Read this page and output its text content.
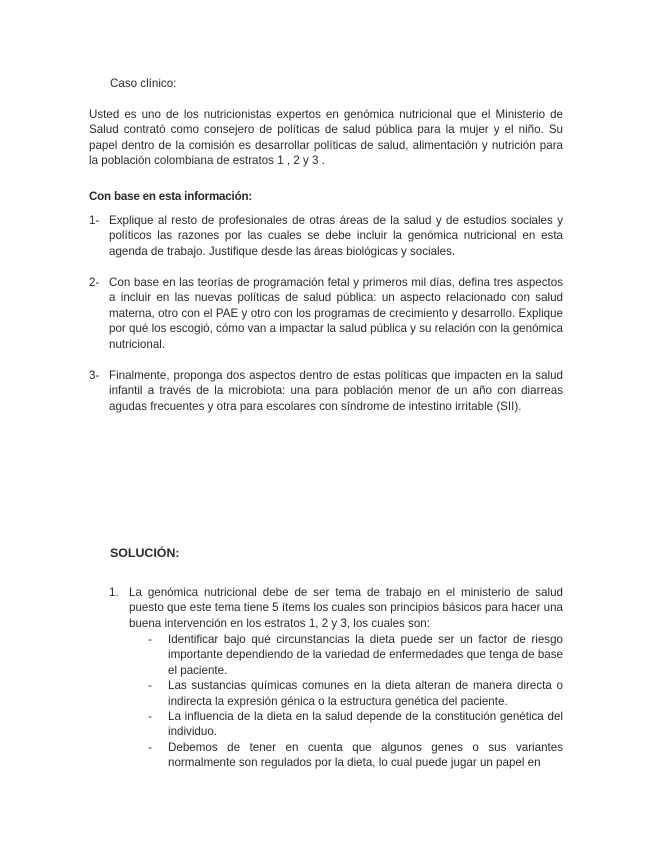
Caso clínico:
Usted es uno de los nutricionistas expertos en genómica nutricional que el Ministerio de Salud contrató como consejero de políticas de salud pública para la mujer y el niño. Su papel dentro de la comisión es desarrollar políticas de salud, alimentación y nutrición para la población colombiana de estratos 1 , 2 y 3 .
Con base en esta información:
1- Explique al resto de profesionales de otras áreas de la salud y de estudios sociales y políticos las razones por las cuales se debe incluir la genómica nutricional en esta agenda de trabajo. Justifique desde las áreas biológicas y sociales.
2- Con base en las teorías de programación fetal y primeros mil días, defina tres aspectos a incluir en las nuevas políticas de salud pública: un aspecto relacionado con salud materna, otro con el PAE y otro con los programas de crecimiento y desarrollo. Explique por qué los escogió, cómo van a impactar la salud pública y su relación con la genómica nutricional.
3- Finalmente, proponga dos aspectos dentro de estas políticas que impacten en la salud infantil a través de la microbiota: una para población menor de un año con diarreas agudas frecuentes y otra para escolares con síndrome de intestino irritable (SII).
SOLUCIÓN:
1. La genómica nutricional debe de ser tema de trabajo en el ministerio de salud puesto que este tema tiene 5 ítems los cuales son principios básicos para hacer una buena intervención en los estratos 1, 2 y 3, los cuales son:
- Identificar bajo qué circunstancias la dieta puede ser un factor de riesgo importante dependiendo de la variedad de enfermedades que tenga de base el paciente.
- Las sustancias químicas comunes en la dieta alteran de manera directa o indirecta la expresión génica o la estructura genética del paciente.
- La influencia de la dieta en la salud depende de la constitución genética del individuo.
- Debemos de tener en cuenta que algunos genes o sus variantes normalmente son regulados por la dieta, lo cual puede jugar un papel en
